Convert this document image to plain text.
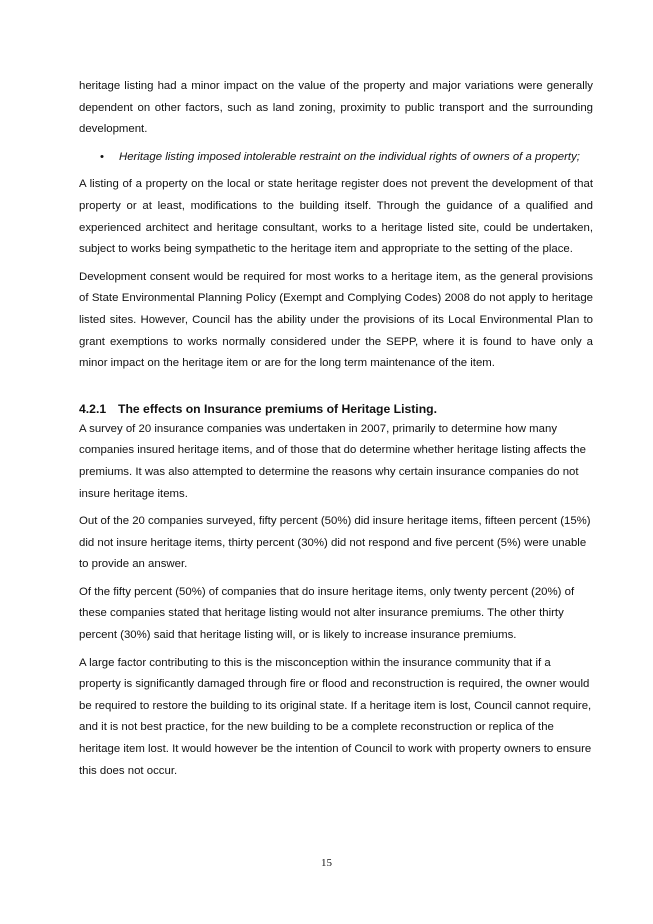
heritage listing had a minor impact on the value of the property and major variations were generally dependent on other factors, such as land zoning, proximity to public transport and the surrounding development.

• Heritage listing imposed intolerable restraint on the individual rights of owners of a property;

A listing of a property on the local or state heritage register does not prevent the development of that property or at least, modifications to the building itself. Through the guidance of a qualified and experienced architect and heritage consultant, works to a heritage listed site, could be undertaken, subject to works being sympathetic to the heritage item and appropriate to the setting of the place.

Development consent would be required for most works to a heritage item, as the general provisions of State Environmental Planning Policy (Exempt and Complying Codes) 2008 do not apply to heritage listed sites. However, Council has the ability under the provisions of its Local Environmental Plan to grant exemptions to works normally considered under the SEPP, where it is found to have only a minor impact on the heritage item or are for the long term maintenance of the item.

4.2.1 The effects on Insurance premiums of Heritage Listing.

A survey of 20 insurance companies was undertaken in 2007, primarily to determine how many companies insured heritage items, and of those that do determine whether heritage listing affects the premiums. It was also attempted to determine the reasons why certain insurance companies do not insure heritage items.

Out of the 20 companies surveyed, fifty percent (50%) did insure heritage items, fifteen percent (15%) did not insure heritage items, thirty percent (30%) did not respond and five percent (5%) were unable to provide an answer.

Of the fifty percent (50%) of companies that do insure heritage items, only twenty percent (20%) of these companies stated that heritage listing would not alter insurance premiums. The other thirty percent (30%) said that heritage listing will, or is likely to increase insurance premiums.

A large factor contributing to this is the misconception within the insurance community that if a property is significantly damaged through fire or flood and reconstruction is required, the owner would be required to restore the building to its original state. If a heritage item is lost, Council cannot require, and it is not best practice, for the new building to be a complete reconstruction or replica of the heritage item lost. It would however be the intention of Council to work with property owners to ensure this does not occur.

15
